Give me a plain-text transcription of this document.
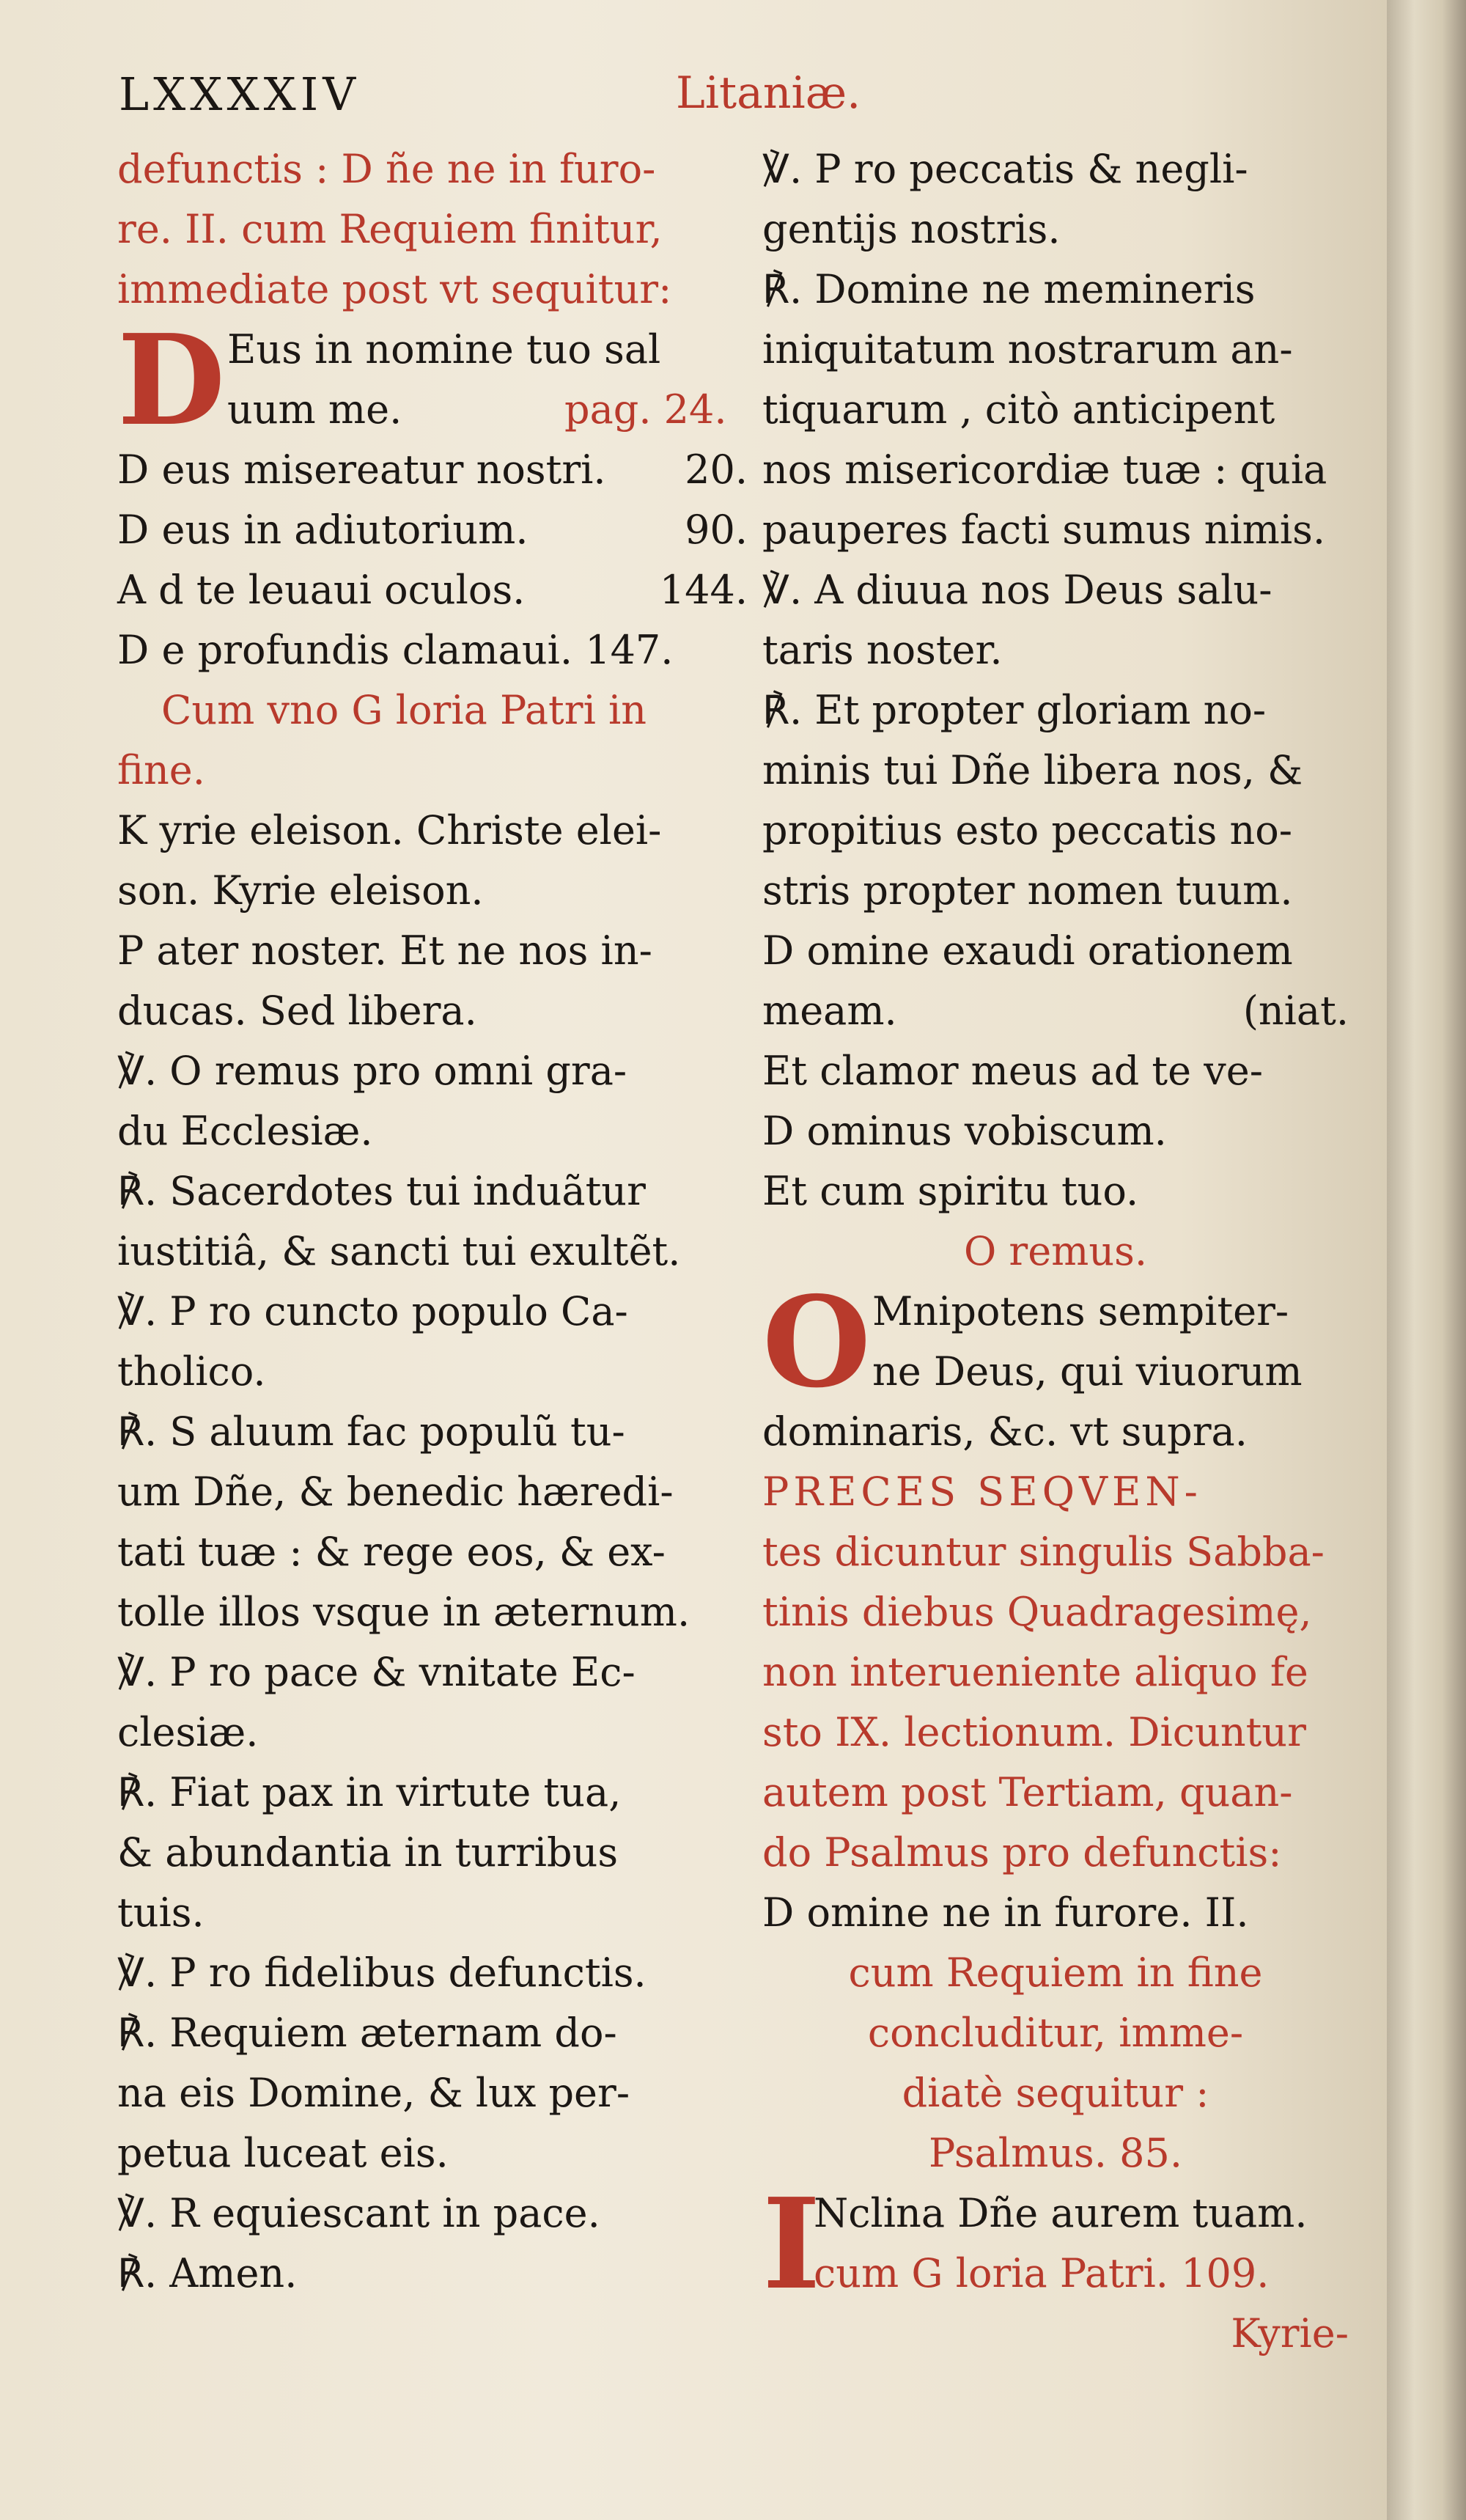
LXXXXIV	Litaniæ.
defunctis : D ñe ne in furo-
re. II. cum Requiem finitur,
immediate post vt sequitur:
D Eus in nomine tuo sal
uum me.	pag. 24.
D eus misereatur nostri. 20.
D eus in adiutorium.	90.
A d te leuaui oculos.	144.
D e profundis clamaui. 147.
Cum vno G loria Patri in
fine.
K yrie eleison. Christe elei-
son. Kyrie eleison.
P ater noster. Et ne nos in-
ducas. Sed libera.
℣. O remus pro omni gra-
du Ecclesiæ.
℟. Sacerdotes tui induãtur
iustitiâ, & sancti tui exultẽt.
℣. P ro cuncto populo Ca-
tholico.
℟. S aluum fac populũ tu-
um Dñe, & benedic hæredi-
tati tuæ : & rege eos, & ex-
tolle illos vsque in æternum.
℣. P ro pace & vnitate Ec-
clesiæ.
℟. Fiat pax in virtute tua,
& abundantia in turribus
tuis.
℣. P ro fidelibus defunctis.
℟. Requiem æternam do-
na eis Domine, & lux per-
petua luceat eis.
℣. R equiescant in pace.
℟. Amen.
℣. P ro peccatis & negli-
gentijs nostris.
℟. Domine ne memineris
iniquitatum nostrarum an-
tiquarum , citò anticipent
nos misericordiæ tuæ : quia
pauperes facti sumus nimis.
℣. A diuua nos Deus salu-
taris noster.
℟. Et propter gloriam no-
minis tui Dñe libera nos, &
propitius esto peccatis no-
stris propter nomen tuum.
D omine exaudi orationem
meam.	(niat.
Et clamor meus ad te ve-
D ominus vobiscum.
Et cum spiritu tuo.
O remus.
O Mnipotens sempiter-
ne Deus, qui viuorum
dominaris, &c. vt supra.
PRECES SEQVEN-
tes dicuntur singulis Sabba-
tinis diebus Quadragesimę,
non interueniente aliquo fe
sto IX. lectionum. Dicuntur
autem post Tertiam, quan-
do Psalmus pro defunctis:
D omine ne in furore. II.
cum Requiem in fine
concluditur, imme-
diatè sequitur :
Psalmus. 85.
I
Nclina Dñe aurem tuam.
cum G loria Patri. 109.
Kyrie-
